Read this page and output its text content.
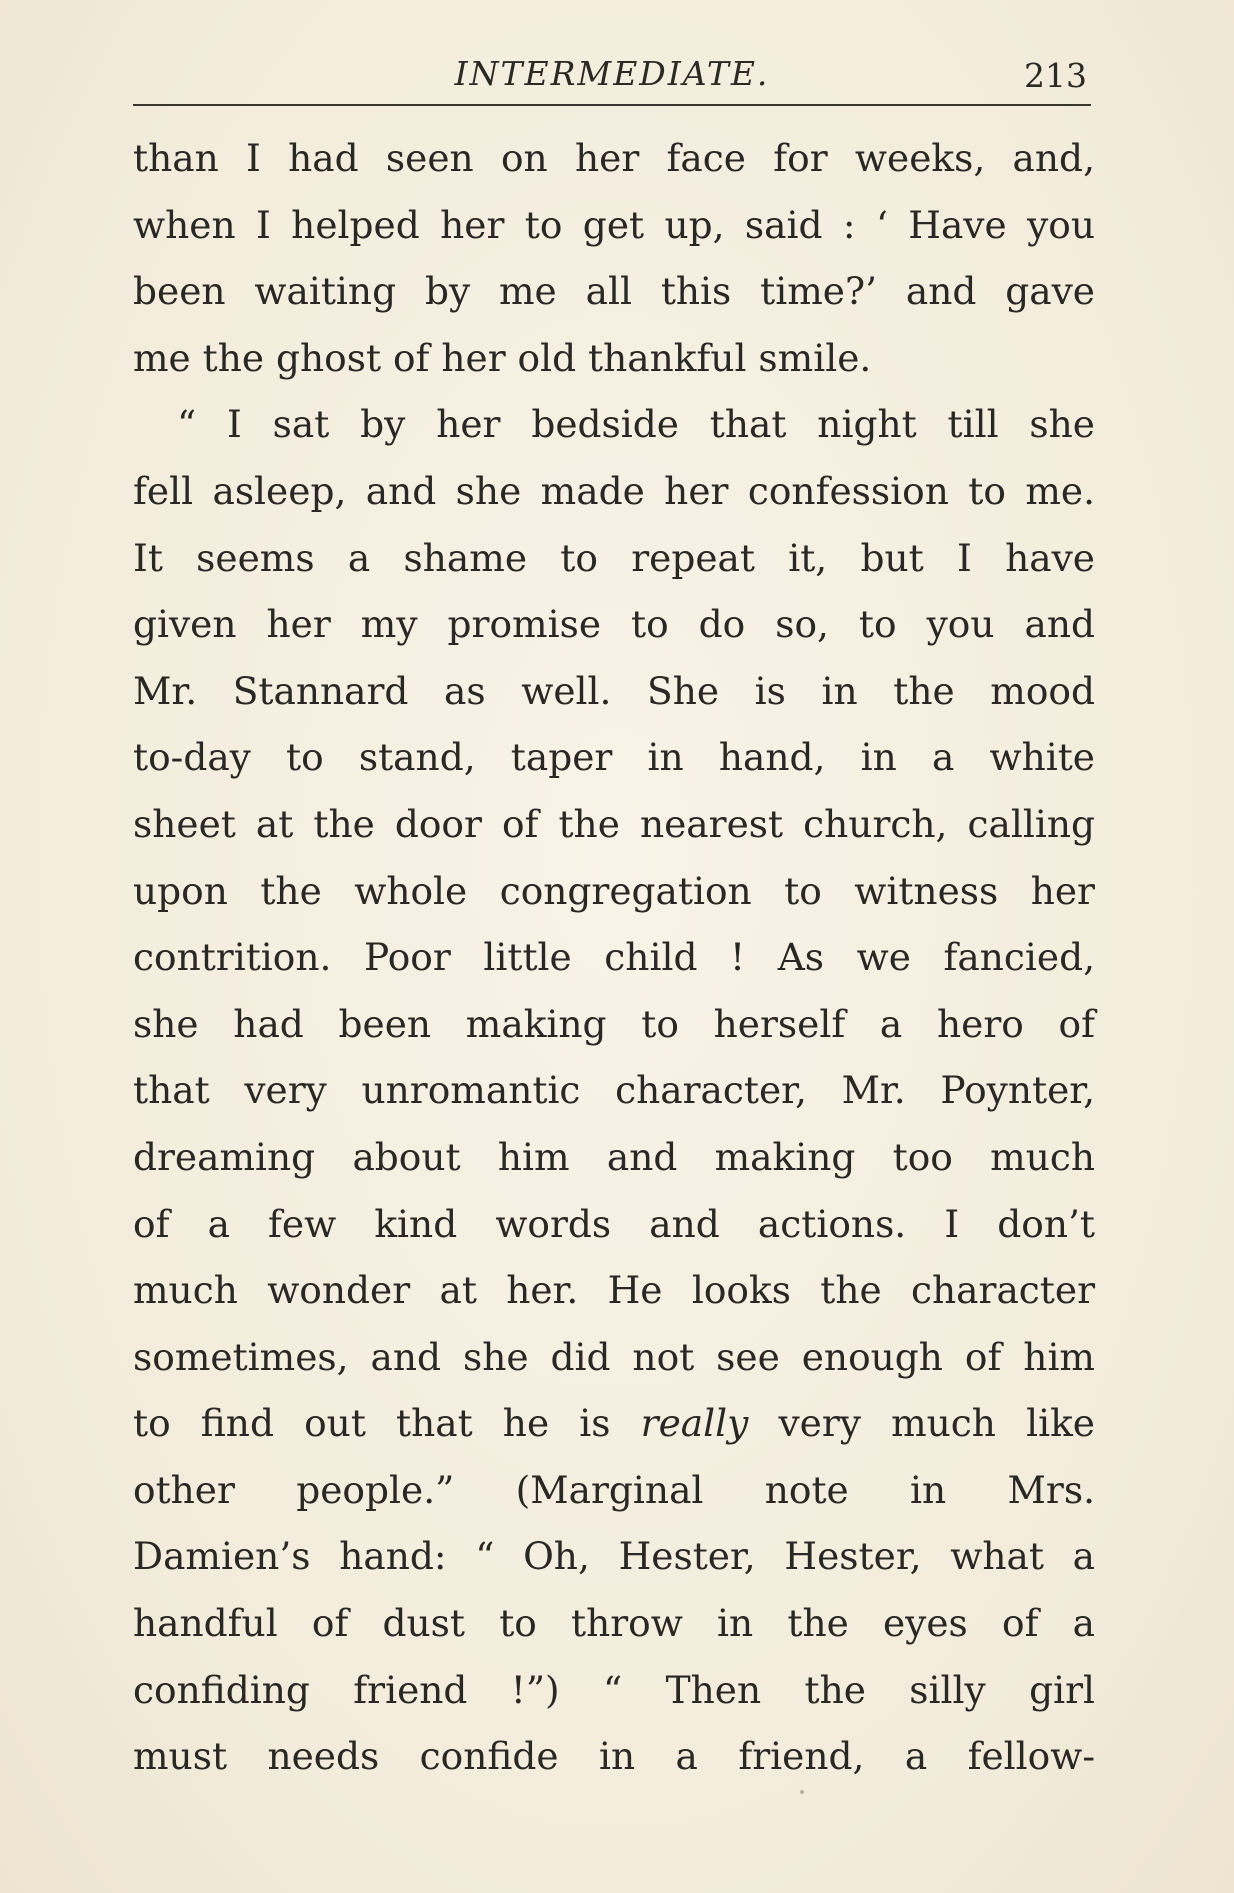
INTERMEDIATE.	213
than I had seen on her face for weeks, and,
when I helped her to get up, said : ‘ Have you
been waiting by me all this time?’ and gave
me the ghost of her old thankful smile.
“ I sat by her bedside that night till she
fell asleep, and she made her confession to me.
It seems a shame to repeat it, but I have
given her my promise to do so, to you and
Mr. Stannard as well. She is in the mood
to-day to stand, taper in hand, in a white
sheet at the door of the nearest church, calling
upon the whole congregation to witness her
contrition. Poor little child ! As we fancied,
she had been making to herself a hero of
that very unromantic character, Mr. Poynter,
dreaming about him and making too much
of a few kind words and actions. I don’t
much wonder at her. He looks the character
sometimes, and she did not see enough of him
to find out that he is really very much like
other people.” (Marginal note in Mrs.
Damien’s hand: “ Oh, Hester, Hester, what a
handful of dust to throw in the eyes of a
confiding friend !”) “ Then the silly girl
must needs confide in a friend, a fellow-
